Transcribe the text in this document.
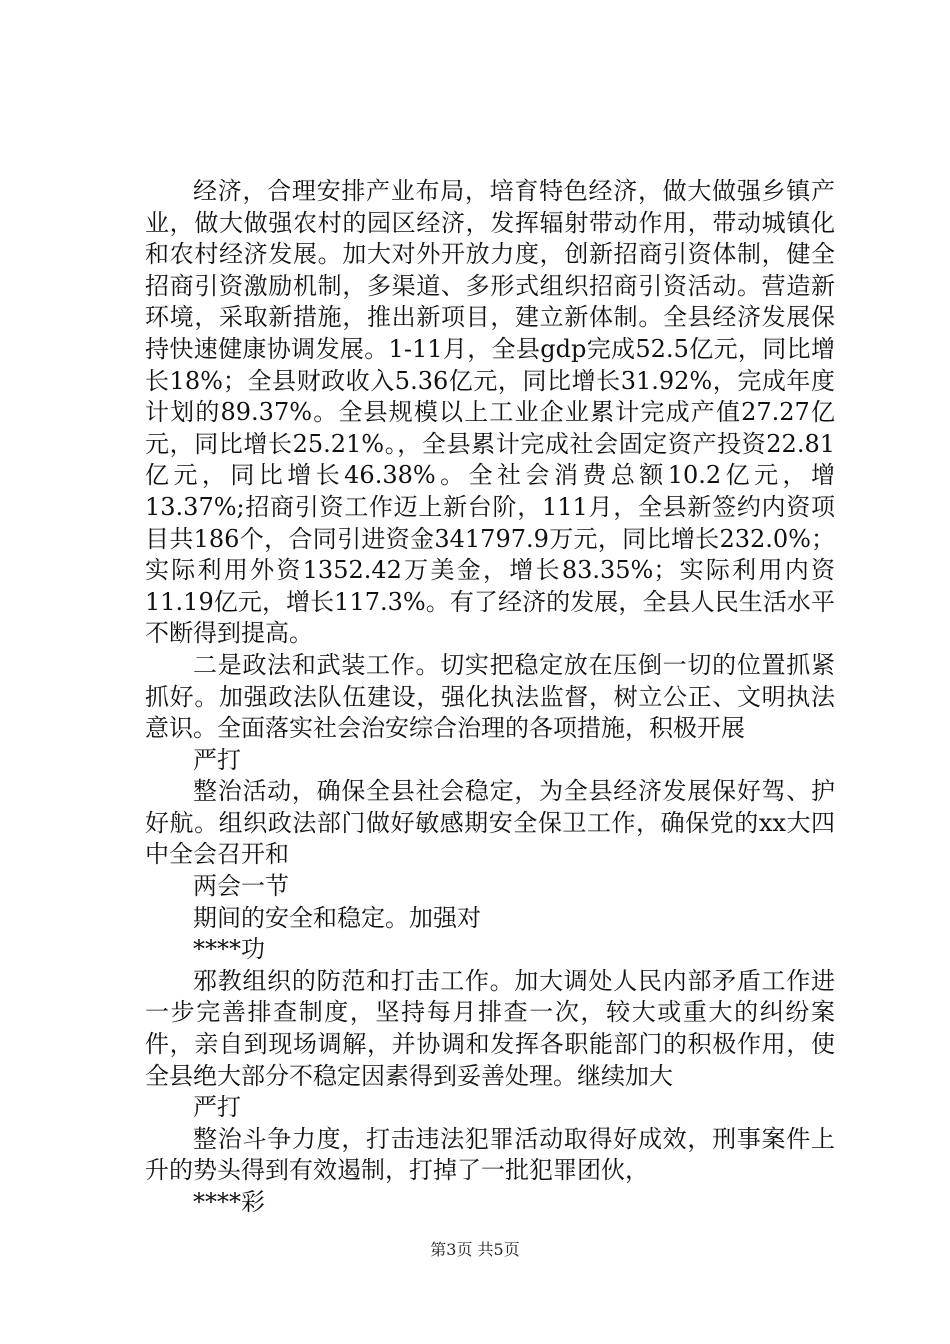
经济，合理安排产业布局，培育特色经济，做大做强乡镇产业，做大做强农村的园区经济，发挥辐射带动作用，带动城镇化和农村经济发展。加大对外开放力度，创新招商引资体制，健全招商引资激励机制，多渠道、多形式组织招商引资活动。营造新环境，采取新措施，推出新项目，建立新体制。全县经济发展保持快速健康协调发展。1-11月，全县gdp完成52.5亿元，同比增长18%；全县财政收入5.36亿元，同比增长31.92%，完成年度计划的89.37%。全县规模以上工业企业累计完成产值27.27亿元，同比增长25.21%。，全县累计完成社会固定资产投资22.81亿元，同比增长46.38%。全社会消费总额10.2亿元，增13.37%;招商引资工作迈上新台阶，111月，全县新签约内资项目共186个，合同引进资金341797.9万元，同比增长232.0%；实际利用外资1352.42万美金，增长83.35%；实际利用内资11.19亿元，增长117.3%。有了经济的发展，全县人民生活水平不断得到提高。

二是政法和武装工作。切实把稳定放在压倒一切的位置抓紧抓好。加强政法队伍建设，强化执法监督，树立公正、文明执法意识。全面落实社会治安综合治理的各项措施，积极开展

严打

整治活动，确保全县社会稳定，为全县经济发展保好驾、护好航。组织政法部门做好敏感期安全保卫工作，确保党的xx大四中全会召开和

两会一节

期间的安全和稳定。加强对

****功

邪教组织的防范和打击工作。加大调处人民内部矛盾工作进一步完善排查制度，坚持每月排查一次，较大或重大的纠纷案件，亲自到现场调解，并协调和发挥各职能部门的积极作用，使全县绝大部分不稳定因素得到妥善处理。继续加大

严打

整治斗争力度，打击违法犯罪活动取得好成效，刑事案件上升的势头得到有效遏制，打掉了一批犯罪团伙，

****彩

第3页 共5页
